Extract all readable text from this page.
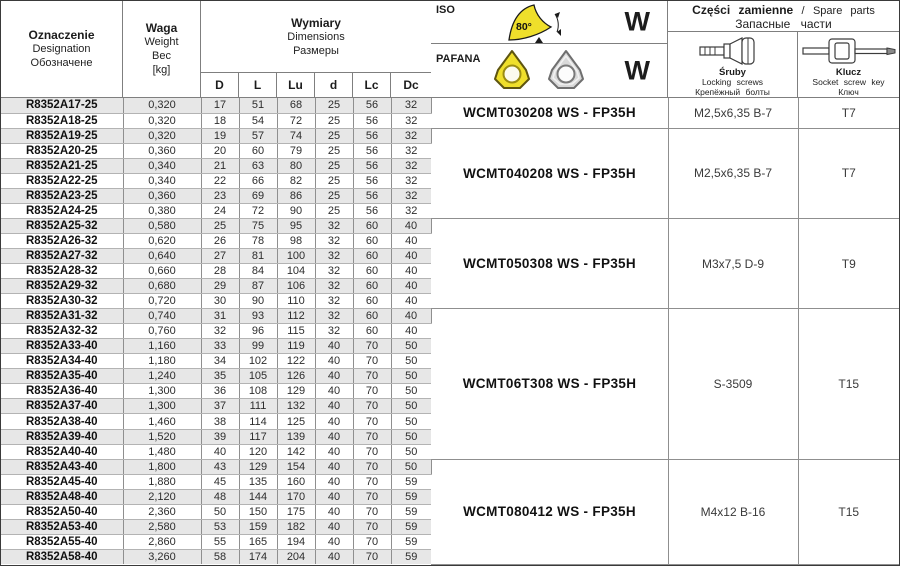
Oznaczenie
Designation
Обозначене
Waga
Weight
Вес
[kg]
Wymiary
Dimensions
Размеры
D	L	Lu	d	Lc	Dc
ISO
80°	W
PAFANA	W
Części zamienne / Spare parts
Запасные части
Śruby
Locking screws
Крепёжный болты
Klucz
Socket screw key
Ключ
R8352A17-25	0,320	17	51	68	25	56	32	WCMT030208 WS - FP35H	M2,5x6,35 B-7	T7
R8352A18-25	0,320	18	54	72	25	56	32			
R8352A19-25	0,320	19	57	74	25	56	32	WCMT040208 WS - FP35H	M2,5x6,35 B-7	T7
R8352A20-25	0,360	20	60	79	25	56	32			
R8352A21-25	0,340	21	63	80	25	56	32			
R8352A22-25	0,340	22	66	82	25	56	32			
R8352A23-25	0,360	23	69	86	25	56	32			
R8352A24-25	0,380	24	72	90	25	56	32			
R8352A25-32	0,580	25	75	95	32	60	40	WCMT050308 WS - FP35H	M3x7,5 D-9	T9
R8352A26-32	0,620	26	78	98	32	60	40			
R8352A27-32	0,640	27	81	100	32	60	40			
R8352A28-32	0,660	28	84	104	32	60	40			
R8352A29-32	0,680	29	87	106	32	60	40			
R8352A30-32	0,720	30	90	110	32	60	40			
R8352A31-32	0,740	31	93	112	32	60	40	WCMT06T308 WS - FP35H	S-3509	T15
R8352A32-32	0,760	32	96	115	32	60	40			
R8352A33-40	1,160	33	99	119	40	70	50			
R8352A34-40	1,180	34	102	122	40	70	50			
R8352A35-40	1,240	35	105	126	40	70	50			
R8352A36-40	1,300	36	108	129	40	70	50			
R8352A37-40	1,300	37	111	132	40	70	50			
R8352A38-40	1,460	38	114	125	40	70	50			
R8352A39-40	1,520	39	117	139	40	70	50			
R8352A40-40	1,480	40	120	142	40	70	50			
R8352A43-40	1,800	43	129	154	40	70	50	WCMT080412 WS - FP35H	M4x12 B-16	T15
R8352A45-40	1,880	45	135	160	40	70	59			
R8352A48-40	2,120	48	144	170	40	70	59			
R8352A50-40	2,360	50	150	175	40	70	59			
R8352A53-40	2,580	53	159	182	40	70	59			
R8352A55-40	2,860	55	165	194	40	70	59			
R8352A58-40	3,260	58	174	204	40	70	59			
